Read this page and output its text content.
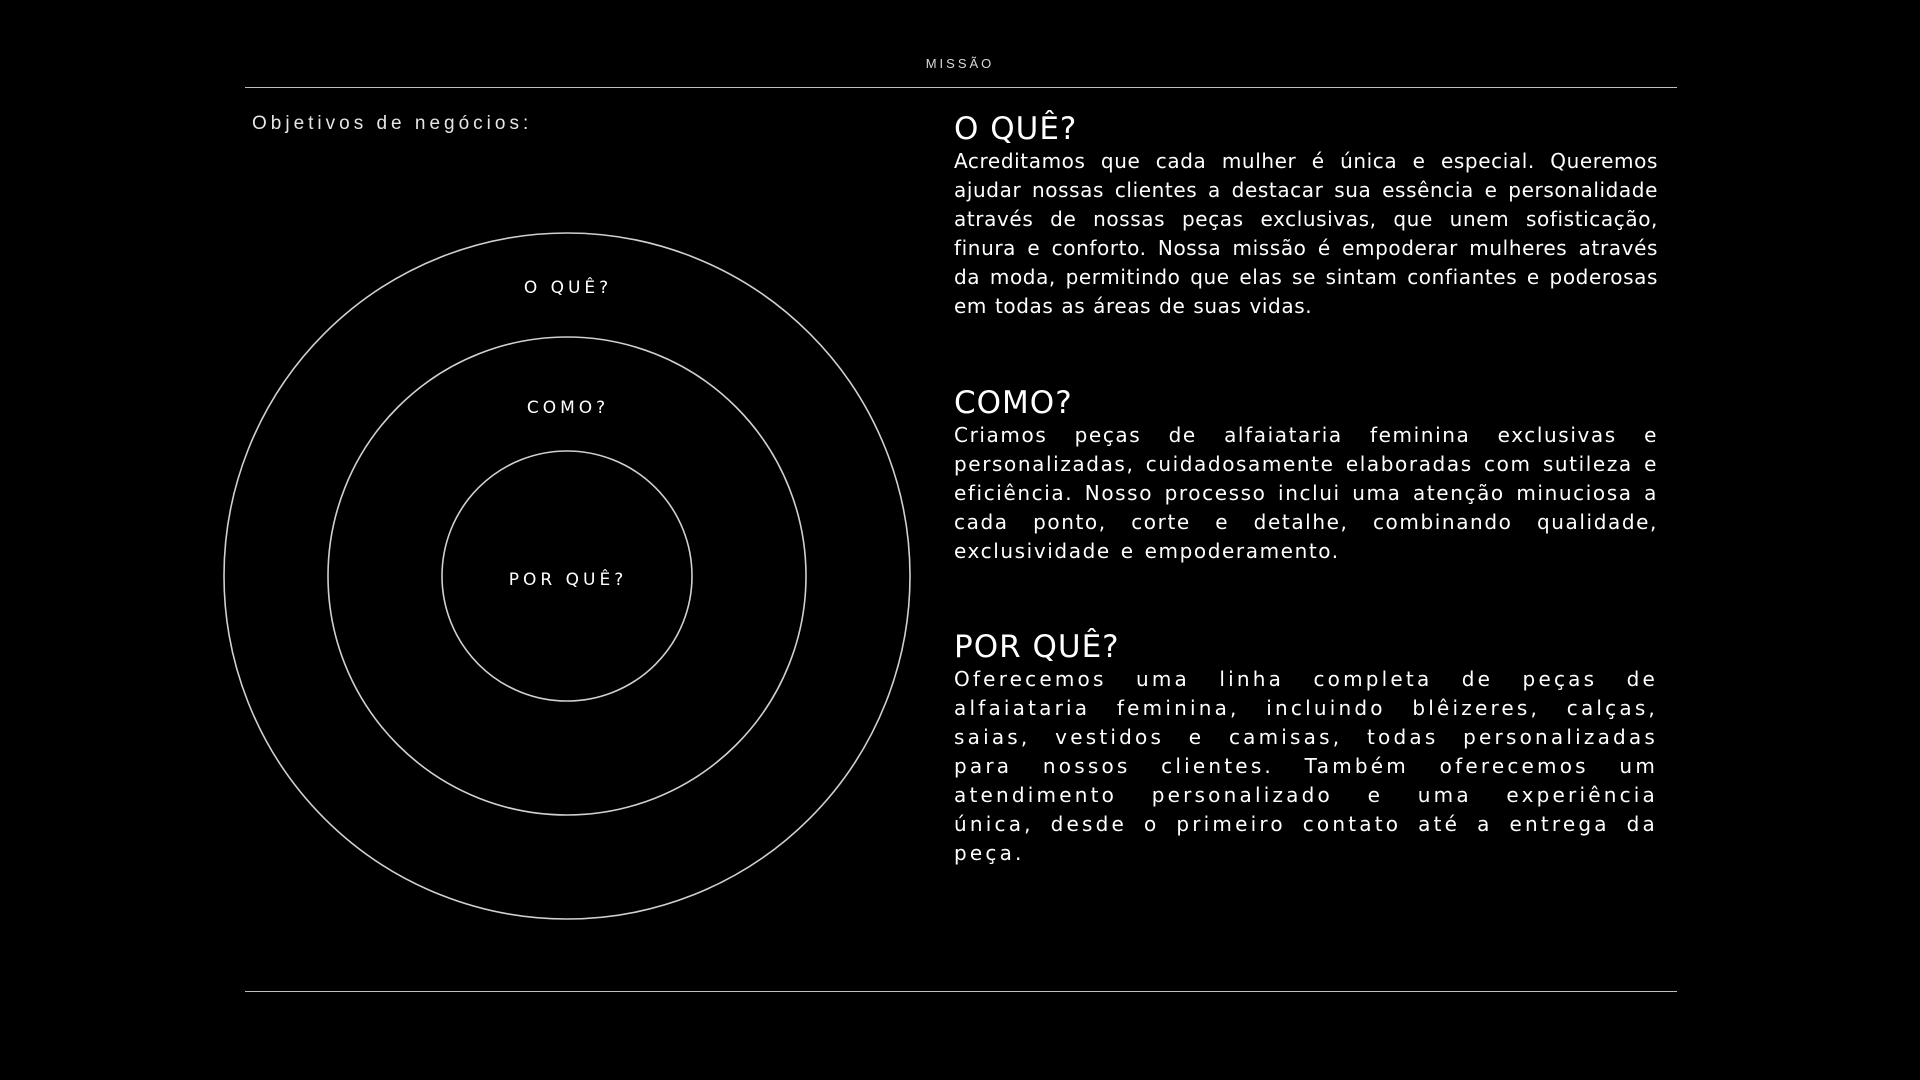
MISSÃO
Objetivos de negócios:
O QUÊ?
COMO?
POR QUÊ?
O QUÊ?

Acreditamos que cada mulher é única e especial. Queremos ajudar nossas clientes a destacar sua essência e personalidade através de nossas peças exclusivas, que unem sofisticação, finura e conforto. Nossa missão é empoderar mulheres através da moda, permitindo que elas se sintam confiantes e poderosas em todas as áreas de suas vidas.

COMO?

Criamos peças de alfaiataria feminina exclusivas e personalizadas, cuidadosamente elaboradas com sutileza e eficiência. Nosso processo inclui uma atenção minuciosa a cada ponto, corte e detalhe, combinando qualidade, exclusividade e empoderamento.

POR QUÊ?

Oferecemos uma linha completa de peças de alfaiataria feminina, incluindo blêizeres, calças, saias, vestidos e camisas, todas personalizadas para nossos clientes. Também oferecemos um atendimento personalizado e uma experiência única, desde o primeiro contato até a entrega da peça.
